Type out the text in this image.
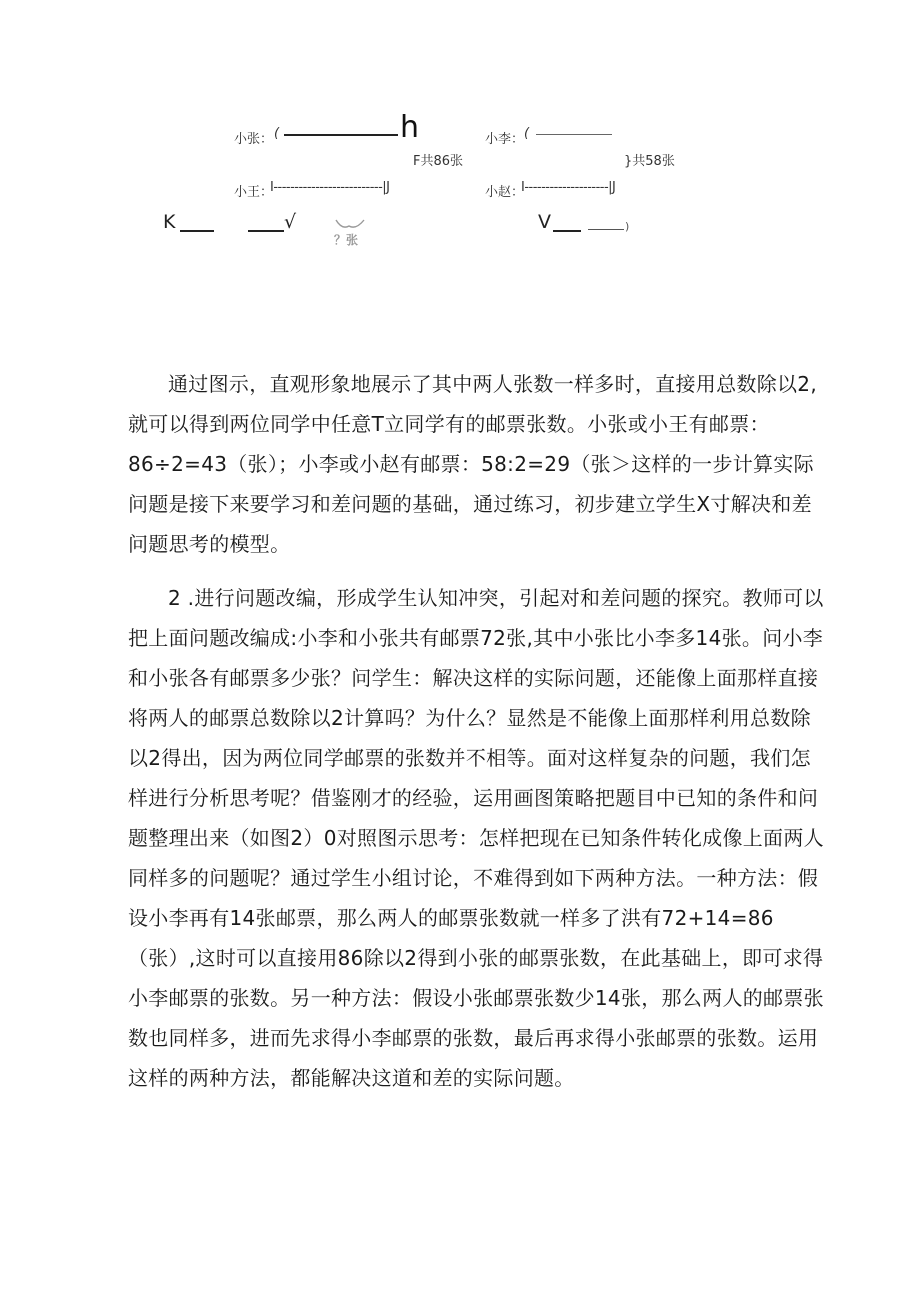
小张： (	h
F共86张
小王：
I--------------------------|J
K	√
？张
小李： (
}共58张
小赵：
I--------------------|J
V	)

通过图示，直观形象地展示了其中两人张数一样多时，直接用总数除以2,就可以得到两位同学中任意T立同学有的邮票张数。小张或小王有邮票：86÷2=43（张）；小李或小赵有邮票：58:2=29（张＞这样的一步计算实际问题是接下来要学习和差问题的基础，通过练习，初步建立学生X寸解决和差问题思考的模型。

2 .进行问题改编，形成学生认知冲突，引起对和差问题的探究。教师可以把上面问题改编成:小李和小张共有邮票72张,其中小张比小李多14张。问小李和小张各有邮票多少张？问学生：解决这样的实际问题，还能像上面那样直接将两人的邮票总数除以2计算吗？为什么？显然是不能像上面那样利用总数除以2得出，因为两位同学邮票的张数并不相等。面对这样复杂的问题，我们怎样进行分析思考呢？借鉴刚才的经验，运用画图策略把题目中已知的条件和问题整理出来（如图2）0对照图示思考：怎样把现在已知条件转化成像上面两人同样多的问题呢？通过学生小组讨论，不难得到如下两种方法。一种方法：假设小李再有14张邮票，那么两人的邮票张数就一样多了洪有72+14=86（张）,这时可以直接用86除以2得到小张的邮票张数，在此基础上，即可求得小李邮票的张数。另一种方法：假设小张邮票张数少14张，那么两人的邮票张数也同样多，进而先求得小李邮票的张数，最后再求得小张邮票的张数。运用这样的两种方法，都能解决这道和差的实际问题。
